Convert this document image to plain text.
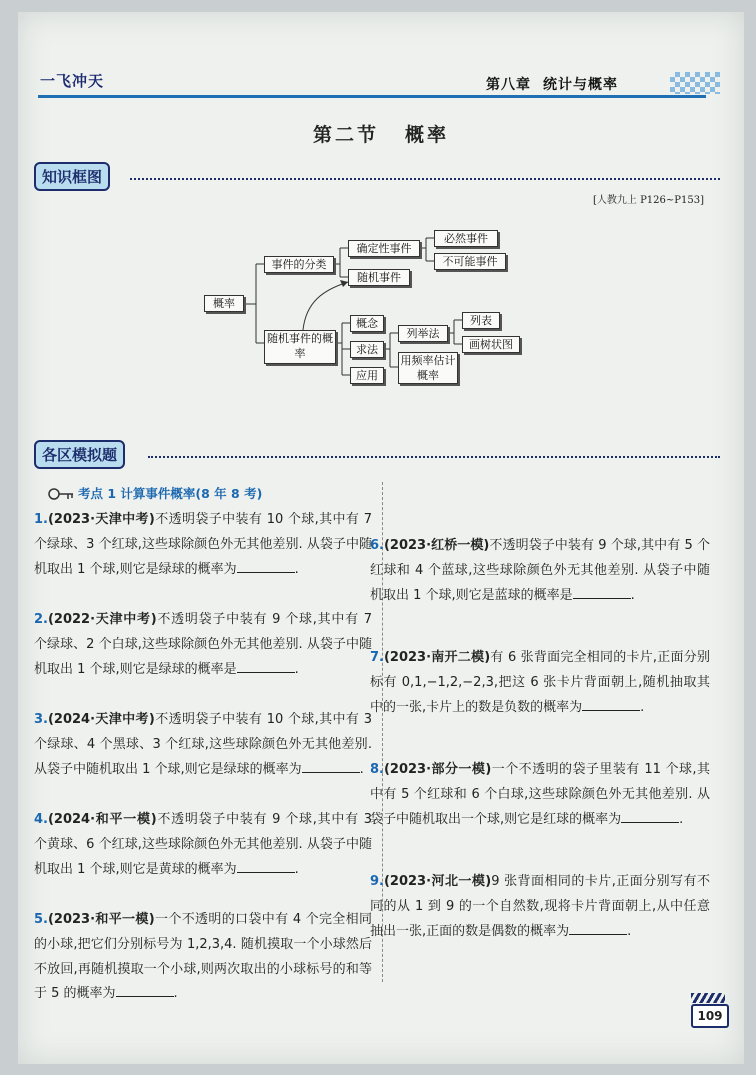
一飞冲天	第八章 统计与概率
第二节 概率
知识框图
[人教九上 P126~P153]
概率
事件的分类
确定性事件
随机事件
必然事件
不可能事件
随机事件的概率
概念
求法
应用
列举法
用频率估计概率
列表
画树状图
各区模拟题
考点 1 计算事件概率(8 年 8 考)
1.(2023·天津中考)不透明袋子中装有 10 个球,其中有 7 个绿球、3 个红球,这些球除颜色外无其他差别. 从袋子中随机取出 1 个球,则它是绿球的概率为	.
2.(2022·天津中考)不透明袋子中装有 9 个球,其中有 7 个绿球、2 个白球,这些球除颜色外无其他差别. 从袋子中随机取出 1 个球,则它是绿球的概率是	.
3.(2024·天津中考)不透明袋子中装有 10 个球,其中有 3 个绿球、4 个黑球、3 个红球,这些球除颜色外无其他差别. 从袋子中随机取出 1 个球,则它是绿球的概率为	.
4.(2024·和平一模)不透明袋子中装有 9 个球,其中有 3 个黄球、6 个红球,这些球除颜色外无其他差别. 从袋子中随机取出 1 个球,则它是黄球的概率为	.
5.(2023·和平一模)一个不透明的口袋中有 4 个完全相同的小球,把它们分别标号为 1,2,3,4. 随机摸取一个小球然后不放回,再随机摸取一个小球,则两次取出的小球标号的和等于 5 的概率为	.
6.(2023·红桥一模)不透明袋子中装有 9 个球,其中有 5 个红球和 4 个蓝球,这些球除颜色外无其他差别. 从袋子中随机取出 1 个球,则它是蓝球的概率是	.
7.(2023·南开二模)有 6 张背面完全相同的卡片,正面分别标有 0,1,−1,2,−2,3,把这 6 张卡片背面朝上,随机抽取其中的一张,卡片上的数是负数的概率为	.
8.(2023·部分一模)一个不透明的袋子里装有 11 个球,其中有 5 个红球和 6 个白球,这些球除颜色外无其他差别. 从袋子中随机取出一个球,则它是红球的概率为	.
9.(2023·河北一模)9 张背面相同的卡片,正面分别写有不同的从 1 到 9 的一个自然数,现将卡片背面朝上,从中任意抽出一张,正面的数是偶数的概率为	.
109
